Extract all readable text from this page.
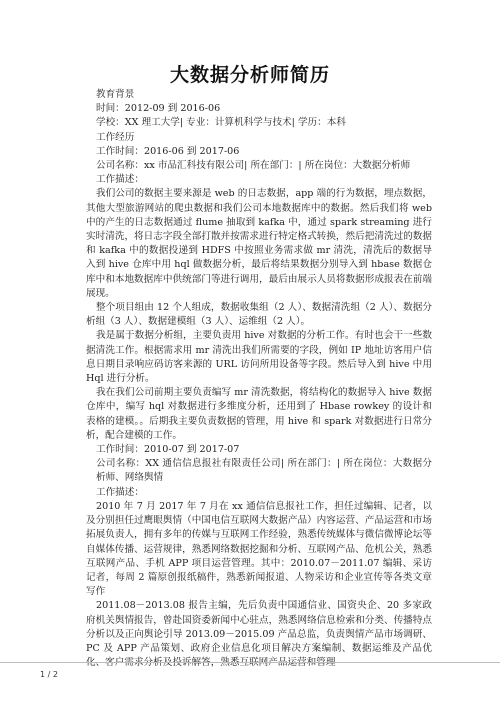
大数据分析师简历

教育背景

时间：2012-09 到 2016-06

学校：XX 理工大学| 专业：计算机科学与技术| 学历：本科

工作经历

工作时间：2016-06 到 2017-06

公司名称：xx 市品汇科技有限公司| 所在部门：| 所在岗位：大数据分析师

工作描述：

我们公司的数据主要来源是 web 的日志数据，app 端的行为数据，埋点数据，其他大型旅游网站的爬虫数据和我们公司本地数据库中的数据。然后我们将 web 中的产生的日志数据通过 flume 抽取到 kafka 中，通过 spark streaming 进行实时清洗，将日志字段全部打散并按需求进行特定格式转换，然后把清洗过的数据和 kafka 中的数据投递到 HDFS 中按照业务需求做 mr 清洗，清洗后的数据导入到 hive 仓库中用 hql 做数据分析，最后将结果数据分别导入到 hbase 数据仓库中和本地数据库中供统部门等进行调用，最后由展示人员将数据形成报表在前端展现。

整个项目组由 12 个人组成，数据收集组（2 人）、数据清洗组（2 人）、数据分析组（3 人）、数据建模组（3 人）、运维组（2 人）。

我是属于数据分析组，主要负责用 hive 对数据的分析工作。有时也会干一些数据清洗工作。根据需求用 mr 清洗出我们所需要的字段，例如 IP 地址访客用户信息日期目录响应码访客来源的 URL 访问所用设备等字段。然后导入到 hive 中用 Hql 进行分析。

我在我们公司前期主要负责编写 mr 清洗数据，将结构化的数据导入 hive 数据仓库中，编写 hql 对数据进行多维度分析，还用到了 Hbase rowkey 的设计和表格的建模。。后期我主要负责数据的管理，用 hive 和 spark 对数据进行日常分析，配合建模的工作。

工作时间：2010-07 到 2017-07

公司名称：XX 通信信息报社有限责任公司| 所在部门：| 所在岗位：大数据分析师、网络舆情

工作描述：

2010 年 7 月 2017 年 7 月在 xx 通信信息报社工作，担任过编辑、记者，以及分别担任过鹰眼舆情（中国电信互联网大数据产品）内容运营、产品运营和市场拓展负责人，拥有多年的传媒与互联网工作经验，熟悉传统媒体与微信微博论坛等自媒体传播、运营规律，熟悉网络数据挖掘和分析、互联网产品、危机公关，熟悉互联网产品、手机 APP 项目运营管理。其中：2010.07－2011.07 编辑、采访记者，每周 2 篇原创报纸稿件，熟悉新闻报道、人物采访和企业宣传等各类文章写作

2011.08－2013.08 报告主编，先后负责中国通信业、国资央企、20 多家政府机关舆情报告，曾赴国资委新闻中心驻点，熟悉网络信息检索和分类、传播特点分析以及正向舆论引导 2013.09－2015.09 产品总监，负责舆情产品市场调研、PC 及 APP 产品策划、政府企业信息化项目解决方案编制、数据运维及产品优

1 / 2
